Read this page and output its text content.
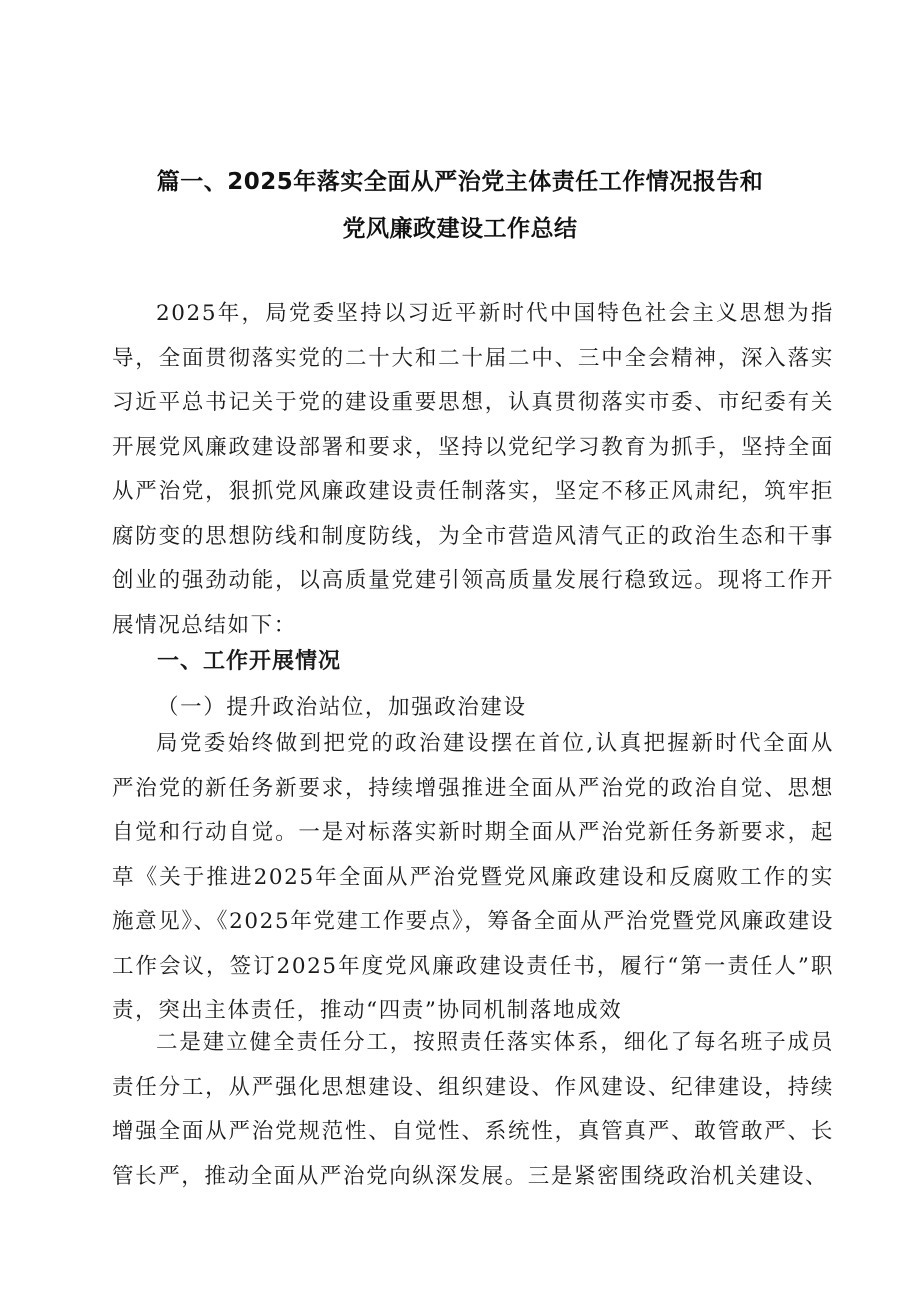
篇一、2025年落实全面从严治党主体责任工作情况报告和
党风廉政建设工作总结
2025年，局党委坚持以习近平新时代中国特色社会主义思想为指导，全面贯彻落实党的二十大和二十届二中、三中全会精神，深入落实习近平总书记关于党的建设重要思想，认真贯彻落实市委、市纪委有关开展党风廉政建设部署和要求，坚持以党纪学习教育为抓手，坚持全面从严治党，狠抓党风廉政建设责任制落实，坚定不移正风肃纪，筑牢拒腐防变的思想防线和制度防线，为全市营造风清气正的政治生态和干事创业的强劲动能，以高质量党建引领高质量发展行稳致远。现将工作开展情况总结如下：
一、工作开展情况
（一）提升政治站位，加强政治建设
局党委始终做到把党的政治建设摆在首位,认真把握新时代全面从严治党的新任务新要求，持续增强推进全面从严治党的政治自觉、思想自觉和行动自觉。一是对标落实新时期全面从严治党新任务新要求，起草《关于推进2025年全面从严治党暨党风廉政建设和反腐败工作的实施意见》、《2025年党建工作要点》，筹备全面从严治党暨党风廉政建设工作会议，签订2025年度党风廉政建设责任书，履行“第一责任人”职责，突出主体责任，推动“四责”协同机制落地成效
二是建立健全责任分工，按照责任落实体系，细化了每名班子成员责任分工，从严强化思想建设、组织建设、作风建设、纪律建设，持续增强全面从严治党规范性、自觉性、系统性，真管真严、敢管敢严、长管长严，推动全面从严治党向纵深发展。三是紧密围绕政治机关建设、
